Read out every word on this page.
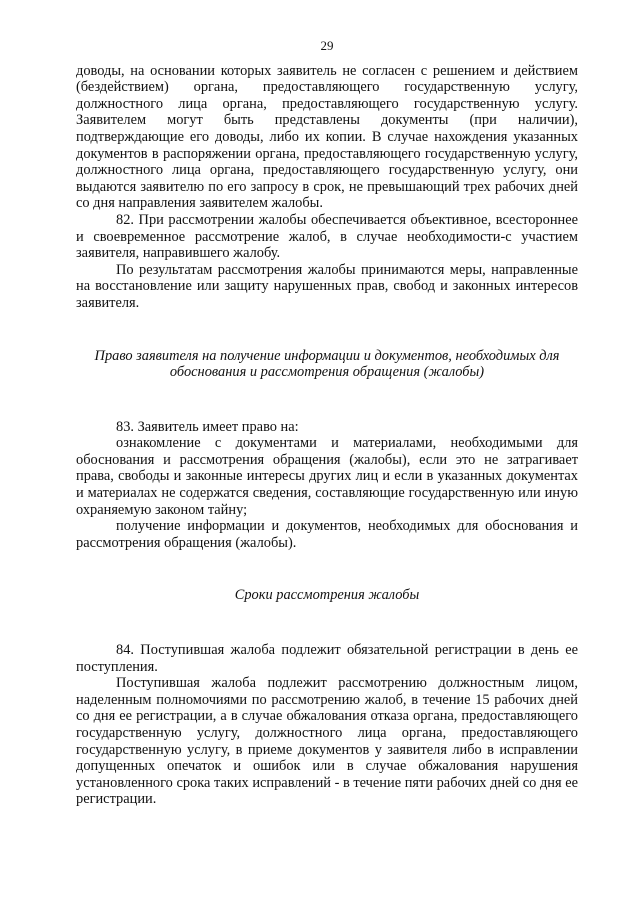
29

доводы, на основании которых заявитель не согласен с решением и действием (бездействием) органа, предоставляющего государственную услугу, должностного лица органа, предоставляющего государственную услугу. Заявителем могут быть представлены документы (при наличии), подтверждающие его доводы, либо их копии. В случае нахождения указанных документов в распоряжении органа, предоставляющего государственную услугу, должностного лица органа, предоставляющего государственную услугу, они выдаются заявителю по его запросу в срок, не превышающий трех рабочих дней со дня направления заявителем жалобы.

82. При рассмотрении жалобы обеспечивается объективное, всестороннее и своевременное рассмотрение жалоб, в случае необходимости-с участием заявителя, направившего жалобу.

По результатам рассмотрения жалобы принимаются меры, направленные на восстановление или защиту нарушенных прав, свобод и законных интересов заявителя.

Право заявителя на получение информации и документов, необходимых для обоснования и рассмотрения обращения (жалобы)

83. Заявитель имеет право на:

ознакомление с документами и материалами, необходимыми для обоснования и рассмотрения обращения (жалобы), если это не затрагивает права, свободы и законные интересы других лиц и если в указанных документах и материалах не содержатся сведения, составляющие государственную или иную охраняемую законом тайну;

получение информации и документов, необходимых для обоснования и рассмотрения обращения (жалобы).

Сроки рассмотрения жалобы

84. Поступившая жалоба подлежит обязательной регистрации в день ее поступления.

Поступившая жалоба подлежит рассмотрению должностным лицом, наделенным полномочиями по рассмотрению жалоб, в течение 15 рабочих дней со дня ее регистрации, а в случае обжалования отказа органа, предоставляющего государственную услугу, должностного лица органа, предоставляющего государственную услугу, в приеме документов у заявителя либо в исправлении допущенных опечаток и ошибок или в случае обжалования нарушения установленного срока таких исправлений - в течение пяти рабочих дней со дня ее регистрации.
